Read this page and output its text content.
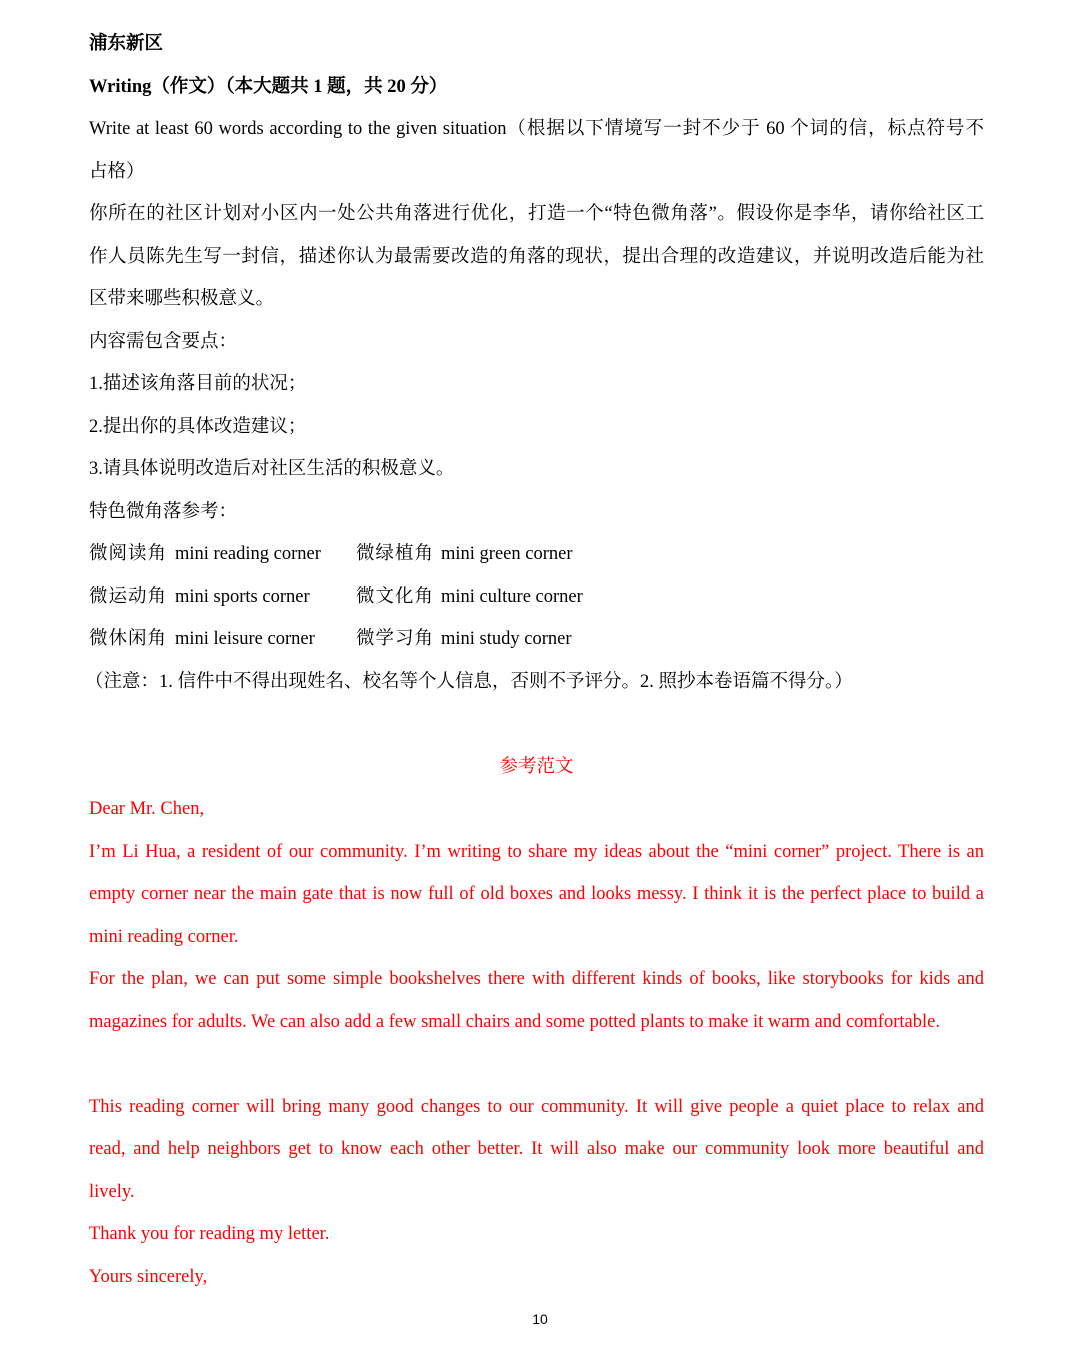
浦东新区
Writing（作文）（本大题共 1 题，共 20 分）
Write at least 60 words according to the given situation（根据以下情境写一封不少于 60 个词的信，标点符号不
占格）
你所在的社区计划对小区内一处公共角落进行优化，打造一个“特色微角落”。假设你是李华，请你给社区工
作人员陈先生写一封信，描述你认为最需要改造的角落的现状，提出合理的改造建议，并说明改造后能为社
区带来哪些积极意义。
内容需包含要点：
1.描述该角落目前的状况；
2.提出你的具体改造建议；
3.请具体说明改造后对社区生活的积极意义。
特色微角落参考：
微阅读角 mini reading corner 微绿植角 mini green corner
微运动角 mini sports corner	微文化角 mini culture corner
微休闲角 mini leisure corner 微学习角 mini study corner
（注意：1. 信件中不得出现姓名、校名等个人信息，否则不予评分。2. 照抄本卷语篇不得分。）
参考范文
Dear Mr. Chen,
I’m Li Hua, a resident of our community. I’m writing to share my ideas about the “mini corner” project. There is an
empty corner near the main gate that is now full of old boxes and looks messy. I think it is the perfect place to build a
mini reading corner.
For the plan, we can put some simple bookshelves there with different kinds of books, like storybooks for kids and
magazines for adults. We can also add a few small chairs and some potted plants to make it warm and comfortable.
This reading corner will bring many good changes to our community. It will give people a quiet place to relax and
read, and help neighbors get to know each other better. It will also make our community look more beautiful and
lively.
Thank you for reading my letter.
Yours sincerely,
10
